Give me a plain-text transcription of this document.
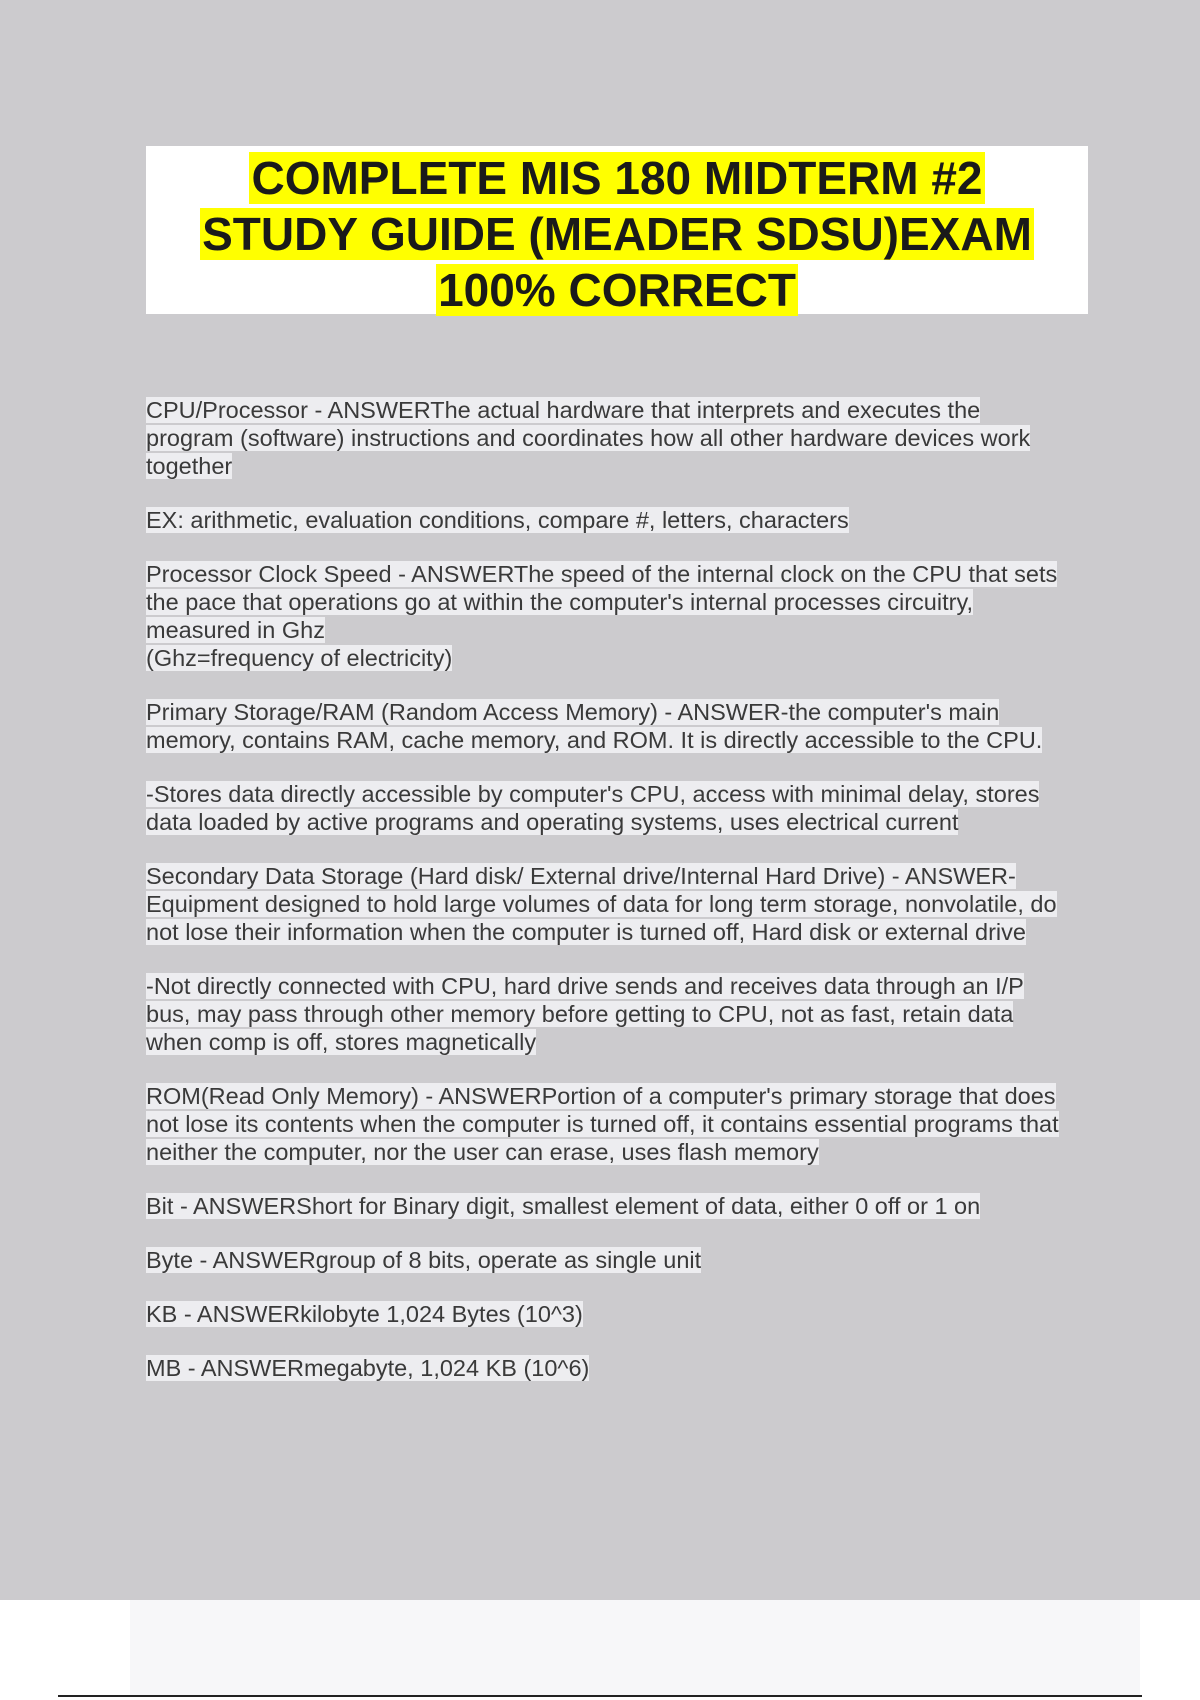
COMPLETE MIS 180 MIDTERM #2
STUDY GUIDE (MEADER SDSU)EXAM
100% CORRECT
CPU/Processor - ANSWERThe actual hardware that interprets and executes the
program (software) instructions and coordinates how all other hardware devices work
together
EX: arithmetic, evaluation conditions, compare #, letters, characters
Processor Clock Speed - ANSWERThe speed of the internal clock on the CPU that sets
the pace that operations go at within the computer's internal processes circuitry,
measured in Ghz
(Ghz=frequency of electricity)
Primary Storage/RAM (Random Access Memory) - ANSWER-the computer's main
memory, contains RAM, cache memory, and ROM. It is directly accessible to the CPU.
-Stores data directly accessible by computer's CPU, access with minimal delay, stores
data loaded by active programs and operating systems, uses electrical current
Secondary Data Storage (Hard disk/ External drive/Internal Hard Drive) - ANSWER-
Equipment designed to hold large volumes of data for long term storage, nonvolatile, do
not lose their information when the computer is turned off, Hard disk or external drive
-Not directly connected with CPU, hard drive sends and receives data through an I/P
bus, may pass through other memory before getting to CPU, not as fast, retain data
when comp is off, stores magnetically
ROM(Read Only Memory) - ANSWERPortion of a computer's primary storage that does
not lose its contents when the computer is turned off, it contains essential programs that
neither the computer, nor the user can erase, uses flash memory
Bit - ANSWERShort for Binary digit, smallest element of data, either 0 off or 1 on
Byte - ANSWERgroup of 8 bits, operate as single unit
KB - ANSWERkilobyte 1,024 Bytes (10^3)
MB - ANSWERmegabyte, 1,024 KB (10^6)
